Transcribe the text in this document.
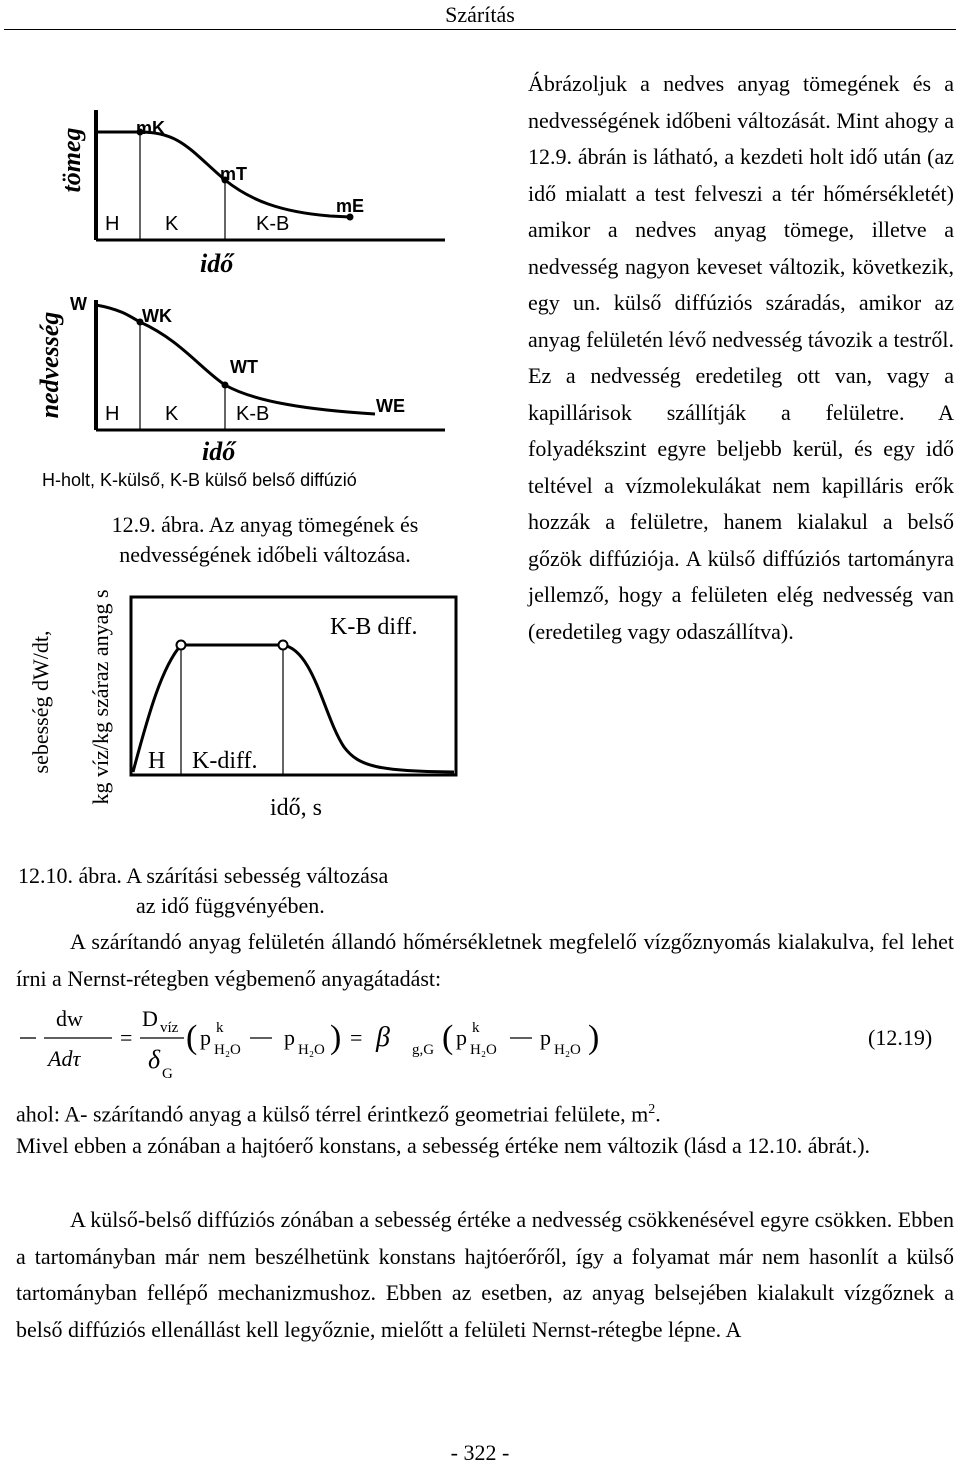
Szárítás
tömeg	mK
mT
mE
H K	K-B
idő
nedvesség
W
WK
WT
WE
H K	K-B
idő
H-holt, K-külső, K-B külső belső diffúzió
12.9. ábra. Az anyag tömegének és
nedvességének időbeli változása.
sebesség dW/dt, kg víz/kg száraz anyag s	K-B diff.
H K-diff.
idő, s
12.10. ábra. A szárítási sebesség változása
az idő függvényében.
Ábrázoljuk a nedves anyag tömegének és a nedvességének időbeni változását. Mint ahogy a 12.9. ábrán is látható, a kezdeti holt idő után (az idő mialatt a test felveszi a tér hőmérsékletét) amikor a nedves anyag tömege, illetve a nedvesség nagyon keveset változik, következik, egy un. külső diffúziós száradás, amikor az anyag felületén lévő nedvesség távozik a testről. Ez a nedvesség eredetileg ott van, vagy a kapillárisok szállítják a felületre. A folyadékszint egyre beljebb kerül, és egy idő teltével a vízmolekulákat nem kapilláris erők hozzák a felületre, hanem kialakul a belső gőzök diffúziója. A külső diffúziós tartományra jellemző, hogy a felületen elég nedvesség van (eredetileg vagy odaszállítva).
A szárítandó anyag felületén állandó hőmérsékletnek megfelelő vízgőznyomás kialakulva, fel lehet írni a Nernst-rétegben végbemenő anyagátadást:
dw
Adτ
=
D víz
δ G
( p k
H₂O p H₂O ) = β g,G ( p k
H₂O p H₂O )	(12.19)
ahol: A- szárítandó anyag a külső térrel érintkező geometriai felülete, $m^2$.
Mivel ebben a zónában a hajtóerő konstans, a sebesség értéke nem változik (lásd a 12.10. ábrát.).
A külső-belső diffúziós zónában a sebesség értéke a nedvesség csökkenésével egyre csökken. Ebben a tartományban már nem beszélhetünk konstans hajtóerőről, így a folyamat már nem hasonlít a külső tartományban fellépő mechanizmushoz. Ebben az esetben, az anyag belsejében kialakult vízgőznek a belső diffúziós ellenállást kell legyőznie, mielőtt a felületi Nernst-rétegbe lépne. A
- 322 -
